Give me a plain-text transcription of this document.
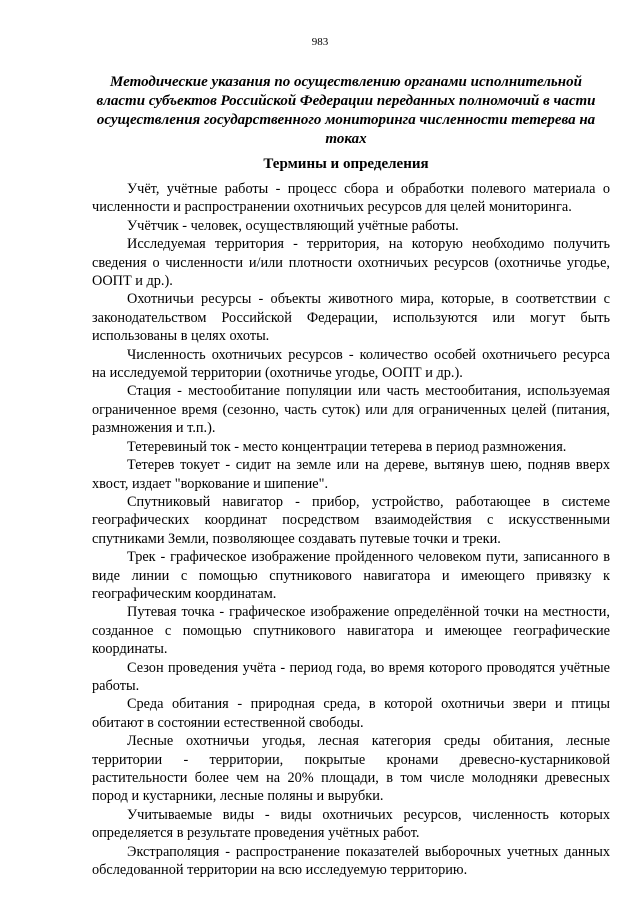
983
Методические указания по осуществлению органами исполнительной власти субъектов Российской Федерации переданных полномочий в части осуществления государственного мониторинга численности тетерева на токах
Термины и определения

Учёт, учётные работы - процесс сбора и обработки полевого материала о численности и распространении охотничьих ресурсов для целей мониторинга.

Учётчик - человек, осуществляющий учётные работы.

Исследуемая территория - территория, на которую необходимо получить сведения о численности и/или плотности охотничьих ресурсов (охотничье угодье, ООПТ и др.).

Охотничьи ресурсы - объекты животного мира, которые, в соответствии с законодательством Российской Федерации, используются или могут быть использованы в целях охоты.

Численность охотничьих ресурсов - количество особей охотничьего ресурса на исследуемой территории (охотничье угодье, ООПТ и др.).

Стация - местообитание популяции или часть местообитания, используемая ограниченное время (сезонно, часть суток) или для ограниченных целей (питания, размножения и т.п.).

Тетеревиный ток - место концентрации тетерева в период размножения.

Тетерев токует - сидит на земле или на дереве, вытянув шею, подняв вверх хвост, издает "воркование и шипение".

Спутниковый навигатор - прибор, устройство, работающее в системе географических координат посредством взаимодействия с искусственными спутниками Земли, позволяющее создавать путевые точки и треки.

Трек - графическое изображение пройденного человеком пути, записанного в виде линии с помощью спутникового навигатора и имеющего привязку к географическим координатам.

Путевая точка - графическое изображение определённой точки на местности, созданное с помощью спутникового навигатора и имеющее географические координаты.

Сезон проведения учёта - период года, во время которого проводятся учётные работы.

Среда обитания - природная среда, в которой охотничьи звери и птицы обитают в состоянии естественной свободы.

Лесные охотничьи угодья, лесная категория среды обитания, лесные территории - территории, покрытые кронами древесно-кустарниковой растительности более чем на 20% площади, в том числе молодняки древесных пород и кустарники, лесные поляны и вырубки.

Учитываемые виды - виды охотничьих ресурсов, численность которых определяется в результате проведения учётных работ.

Экстраполяция - распространение показателей выборочных учетных данных обследованной территории на всю исследуемую территорию.
